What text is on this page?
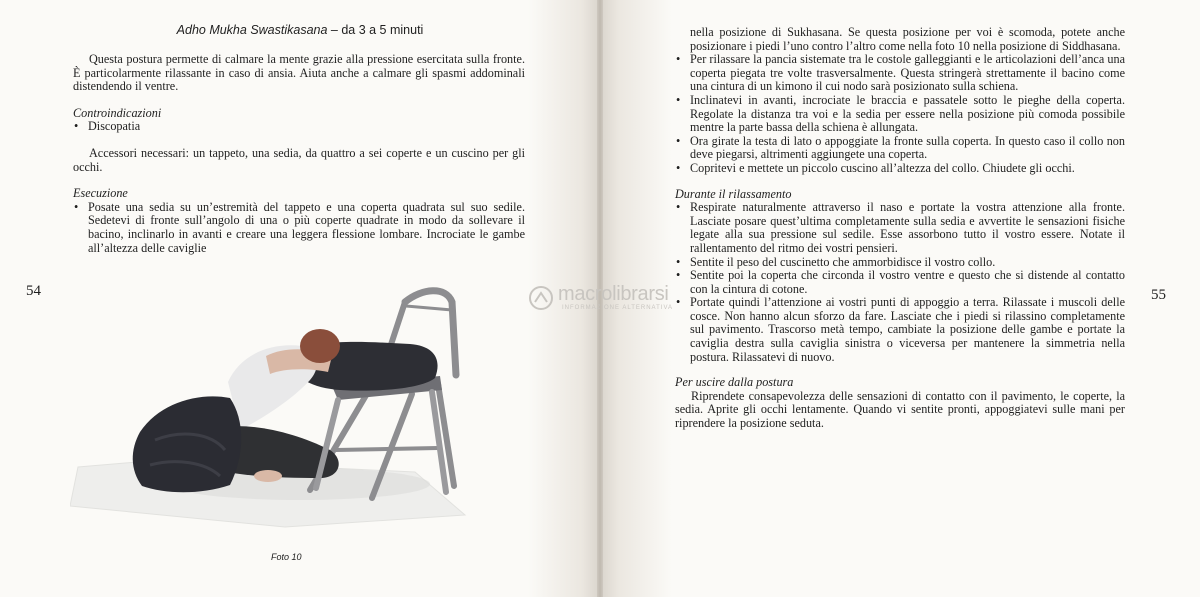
Adho Mukha Swastikasana – da 3 a 5 minuti

Questa postura permette di calmare la mente grazie alla pressione esercitata sulla fronte. È particolarmente rilassante in caso di ansia. Aiuta anche a calmare gli spasmi addominali distendendo il ventre.

Controindicazioni

• Discopatia

Accessori necessari: un tappeto, una sedia, da quattro a sei coperte e un cuscino per gli occhi.

Esecuzione

• Posate una sedia su un’estremità del tappeto e una coperta quadrata sul suo sedile. Sedetevi di fronte sull’angolo di una o più coperte quadrate in modo da sollevare il bacino, inclinarlo in avanti e creare una leggera flessione lombare. Incrociate le gambe all’altezza delle caviglie
54
Foto 10
nella posizione di Sukhasana. Se questa posizione per voi è scomoda, potete anche posizionare i piedi l’uno contro l’altro come nella foto 10 nella posizione di Siddhasana.
• Per rilassare la pancia sistemate tra le costole galleggianti e le articolazioni dell’anca una coperta piegata tre volte trasversalmente. Questa stringerà strettamente il bacino come una cintura di un kimono il cui nodo sarà posizionato sulla schiena.
• Inclinatevi in avanti, incrociate le braccia e passatele sotto le pieghe della coperta. Regolate la distanza tra voi e la sedia per essere nella posizione più comoda possibile mentre la parte bassa della schiena è allungata.
• Ora girate la testa di lato o appoggiate la fronte sulla coperta. In questo caso il collo non deve piegarsi, altrimenti aggiungete una coperta.
• Copritevi e mettete un piccolo cuscino all’altezza del collo. Chiudete gli occhi.

Durante il rilassamento

• Respirate naturalmente attraverso il naso e portate la vostra attenzione alla fronte. Lasciate posare quest’ultima completamente sulla sedia e avvertite le sensazioni fisiche legate alla sua pressione sul sedile. Esse assorbono tutto il vostro essere. Notate il rallentamento del ritmo dei vostri pensieri.
• Sentite il peso del cuscinetto che ammorbidisce il vostro collo.
• Sentite poi la coperta che circonda il vostro ventre e questo che si distende al contatto con la cintura di cotone.
• Portate quindi l’attenzione ai vostri punti di appoggio a terra. Rilassate i muscoli delle cosce. Non hanno alcun sforzo da fare. Lasciate che i piedi si rilassino completamente sul pavimento. Trascorso metà tempo, cambiate la posizione delle gambe e portate la caviglia destra sulla caviglia sinistra o viceversa per mantenere la simmetria nella postura. Rilassatevi di nuovo.

Per uscire dalla postura

Riprendete consapevolezza delle sensazioni di contatto con il pavimento, le coperte, la sedia. Aprite gli occhi lentamente. Quando vi sentite pronti, appoggiatevi sulle mani per riprendere la posizione seduta.

55
macrolibrarsi
INFORMAZIONE ALTERNATIVA
